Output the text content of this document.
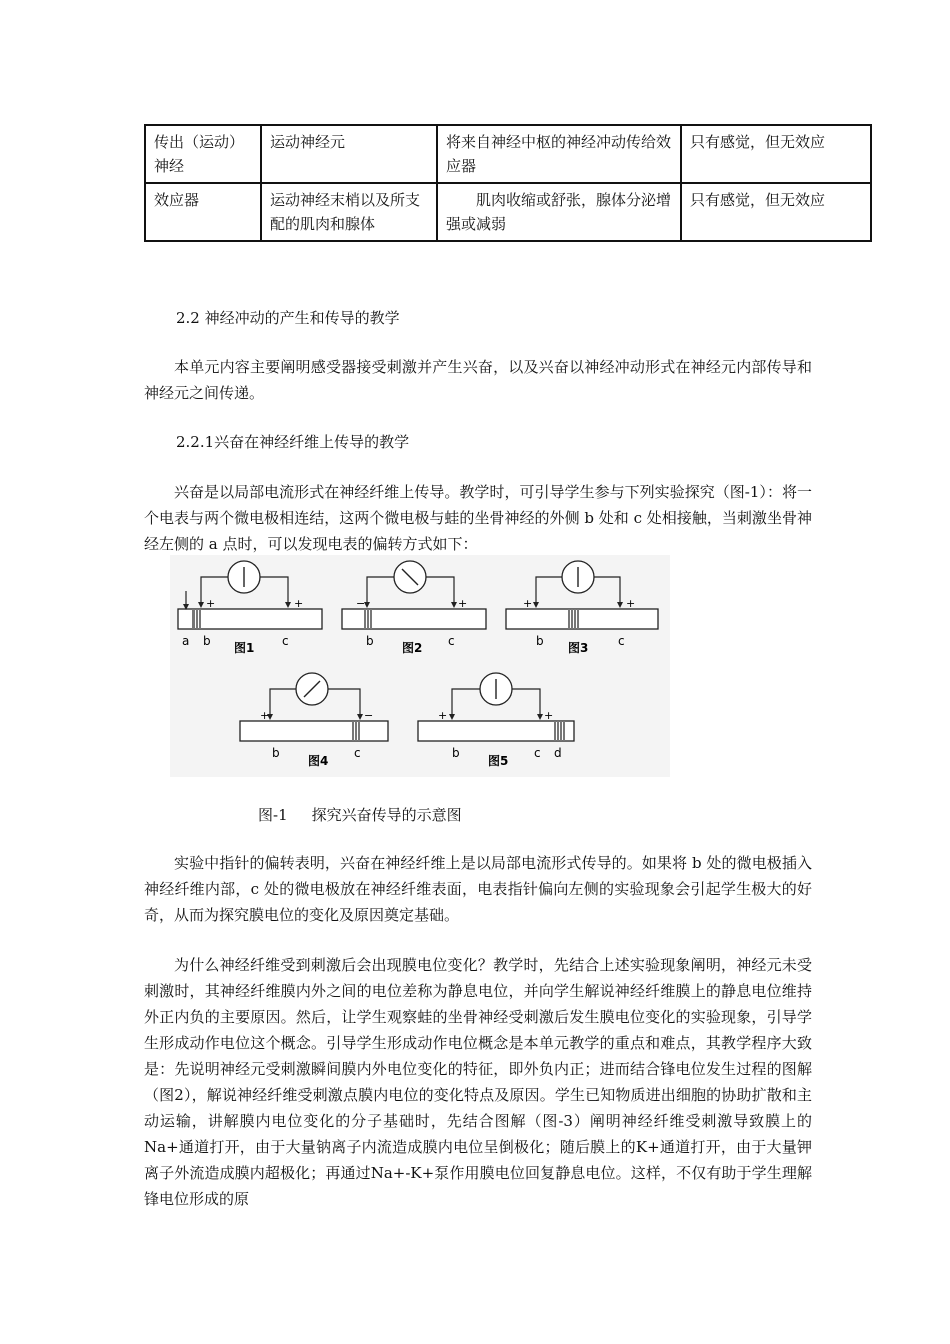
传出（运动）神经	运动神经元	将来自神经中枢的神经冲动传给效应器	只有感觉，但无效应
效应器	运动神经末梢以及所支配的肌肉和腺体	肌肉收缩或舒张，腺体分泌增强或减弱	只有感觉，但无效应

2.2 神经冲动的产生和传导的教学

本单元内容主要阐明感受器接受刺激并产生兴奋，以及兴奋以神经冲动形式在神经元内部传导和神经元之间传递。

2.2.1兴奋在神经纤维上传导的教学

兴奋是以局部电流形式在神经纤维上传导。教学时，可引导学生参与下列实验探究（图-1）：将一个电表与两个微电极相连结，这两个微电极与蛙的坐骨神经的外侧 b 处和 c 处相接触，当刺激坐骨神经左侧的 a 点时，可以发现电表的偏转方式如下：

+	+
a b	c
图1
−	+
b	c
图2
+	+
b	c
图3
+	−
b	c
图4
+	+
b	c d
图5
图-1 探究兴奋传导的示意图

实验中指针的偏转表明，兴奋在神经纤维上是以局部电流形式传导的。如果将 b 处的微电极插入神经纤维内部，c 处的微电极放在神经纤维表面，电表指针偏向左侧的实验现象会引起学生极大的好奇，从而为探究膜电位的变化及原因奠定基础。

为什么神经纤维受到刺激后会出现膜电位变化？教学时，先结合上述实验现象阐明，神经元未受刺激时，其神经纤维膜内外之间的电位差称为静息电位，并向学生解说神经纤维膜上的静息电位维持外正内负的主要原因。然后，让学生观察蛙的坐骨神经受刺激后发生膜电位变化的实验现象，引导学生形成动作电位这个概念。引导学生形成动作电位概念是本单元教学的重点和难点，其教学程序大致是：先说明神经元受刺激瞬间膜内外电位变化的特征，即外负内正；进而结合锋电位发生过程的图解（图2），解说神经纤维受刺激点膜内电位的变化特点及原因。学生已知物质进出细胞的协助扩散和主动运输，讲解膜内电位变化的分子基础时，先结合图解（图-3）阐明神经纤维受刺激导致膜上的Na+通道打开，由于大量钠离子内流造成膜内电位呈倒极化；随后膜上的K+通道打开，由于大量钾离子外流造成膜内超极化；再通过Na+-K+泵作用膜电位回复静息电位。这样，不仅有助于学生理解锋电位形成的原
